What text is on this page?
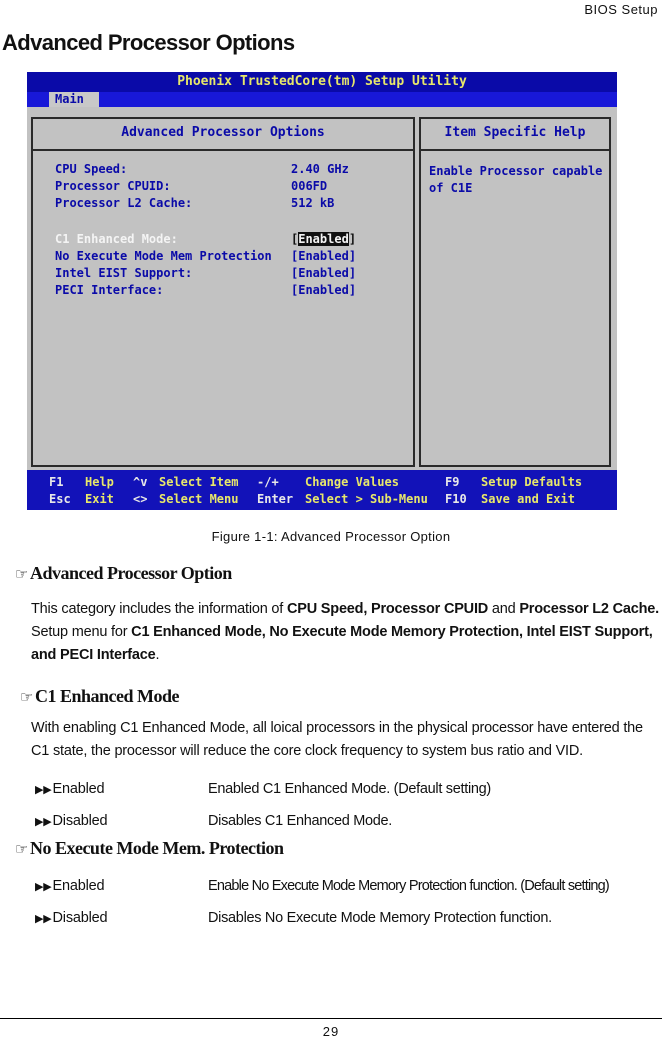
BIOS Setup
Advanced Processor Options
Phoenix TrustedCore(tm) Setup Utility
Main
Advanced Processor Options
CPU Speed:	2.40 GHz
Processor CPUID:	006FD
Processor L2 Cache:	512 kB
C1 Enhanced Mode:	[Enabled]
No Execute Mode Mem Protection [Enabled]
Intel EIST Support:	[Enabled]
PECI Interface:	[Enabled]
Item Specific Help
Enable Processor capable
of C1E
F1 Help ^v Select Item -/+ Change Values	F9 Setup Defaults
Esc Exit <> Select Menu Enter Select > Sub-Menu F10 Save and Exit
Figure 1-1: Advanced Processor Option
☞ Advanced Processor Option
This category includes the information of CPU Speed, Processor CPUID and Processor L2 Cache. Setup menu for C1 Enhanced Mode, No Execute Mode Memory Protection, Intel EIST Support, and PECI Interface.
☞ C1 Enhanced Mode
With enabling C1 Enhanced Mode, all loical processors in the physical processor have entered the C1 state, the processor will reduce the core clock frequency to system bus ratio and VID.
▶▶Enabled	Enabled C1 Enhanced Mode. (Default setting)
▶▶Disabled	Disables C1 Enhanced Mode.
☞ No Execute Mode Mem. Protection
▶▶Enabled	Enable No Execute Mode Memory Protection function. (Default setting)
▶▶Disabled	Disables No Execute Mode Memory Protection function.
29
